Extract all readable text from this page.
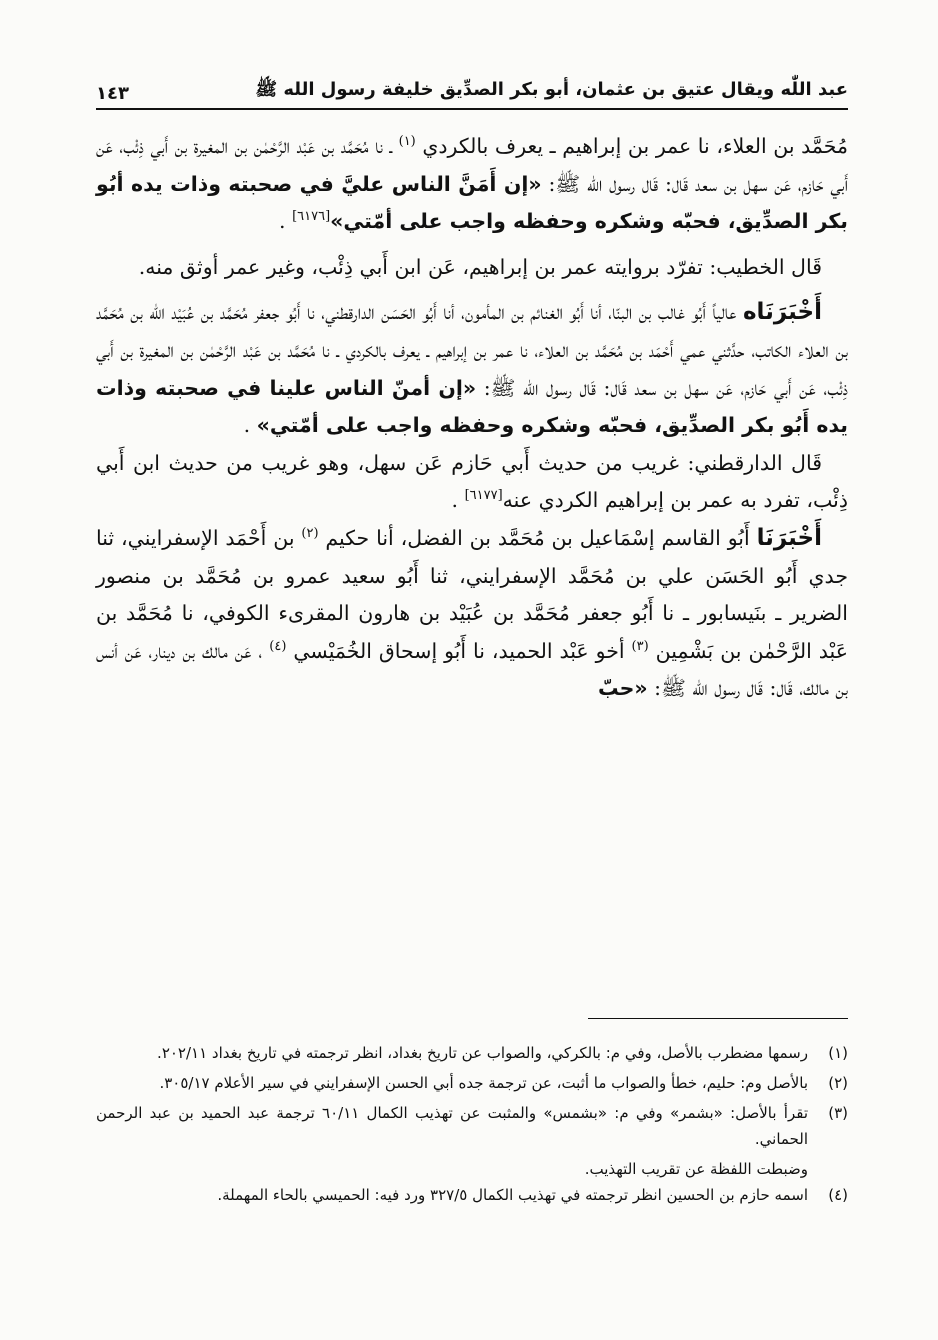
عبد اللّٰه ويقال عتيق بن عثمان، أبو بكر الصدِّيق خليفة رسول الله ﷺ
١٤٣

مُحَمَّد بن العلاء، نا عمر بن إبراهيم ـ يعرف بالكردي $^{(١)}$ ـ نا مُحَمَّد بن عَبْد الرَّحْمٰن بن المغيرة بن أَبي ذِئْب، عَن أَبي حَازم، عَن سهل بن سعد قَال: قَال رسول الله ﷺ: «إن أَمَنَّ الناس عليَّ في صحبته وذات يده أبُو بكر الصدِّيق، فحبّه وشكره وحفظه واجب على أمّتي»[٦١٧٦] .

قَال الخطيب: تفرّد بروايته عمر بن إبراهيم، عَن ابن أَبي ذِئْب، وغير عمر أوثق منه.

أَخْبَرَنَاه عالياً أَبُو غالب بن البنّا، أنا أَبُو الغنائم بن المأمون، أنا أَبُو الحَسَن الدارقطني، نا أَبُو جعفر مُحَمَّد بن عُبَيْد اللّٰه بن مُحَمَّد بن العلاء الكاتب، حدَّثني عمي أَحْمَد بن مُحَمَّد بن العلاء، نا عمر بن إبراهيم ـ يعرف بالكردي ـ نا مُحَمَّد بن عَبْد الرَّحْمٰن بن المغيرة بن أَبي ذِئْب، عَن أَبي حَازم، عَن سهل بن سعد قَال: قَال رسول الله ﷺ: «إن أمنّ الناس علينا في صحبته وذات يده أَبُو بكر الصدِّيق، فحبّه وشكره وحفظه واجب على أمّتي» .

قَال الدارقطني: غريب من حديث أَبي حَازم عَن سهل، وهو غريب من حديث ابن أَبي ذِئْب، تفرد به عمر بن إبراهيم الكردي عنه[٦١٧٧] .

أَخْبَرَنَا أَبُو القاسم إسْمَاعيل بن مُحَمَّد بن الفضل، أنا حكيم $^{(٢)}$ بن أَحْمَد الإسفرايني، ثنا جدي أَبُو الحَسَن علي بن مُحَمَّد الإسفرايني، ثنا أَبُو سعيد عمرو بن مُحَمَّد بن منصور الضرير ـ بنَيسابور ـ نا أَبُو جعفر مُحَمَّد بن عُبَيْد بن هارون المقرىء الكوفي، نا مُحَمَّد بن عَبْد الرَّحْمٰن بن بَشْمِين $^{(٣)}$ أخو عَبْد الحميد، نا أَبُو إسحاق الخُمَيْسي $^{(٤)}$ ، عَن مالك بن دينار، عَن أنس بن مالك، قَال: قَال رسول الله ﷺ: «حبّ

(١)
رسمها مضطرب بالأصل، وفي م: بالكركي، والصواب عن تاريخ بغداد، انظر ترجمته في تاريخ بغداد ٢٠٢/١١.
(٢)
بالأصل وم: حليم، خطأ والصواب ما أثبت، عن ترجمة جده أبي الحسن الإسفرايني في سير الأعلام ٣٠٥/١٧.
(٣)
تقرأ بالأصل: «بشمر» وفي م: «بشمس» والمثبت عن تهذيب الكمال ٦٠/١١ ترجمة عبد الحميد بن عبد الرحمن الحماني.
وضبطت اللفظة عن تقريب التهذيب.
(٤)
اسمه حازم بن الحسين انظر ترجمته في تهذيب الكمال ٣٢٧/٥ ورد فيه: الحميسي بالحاء المهملة.
